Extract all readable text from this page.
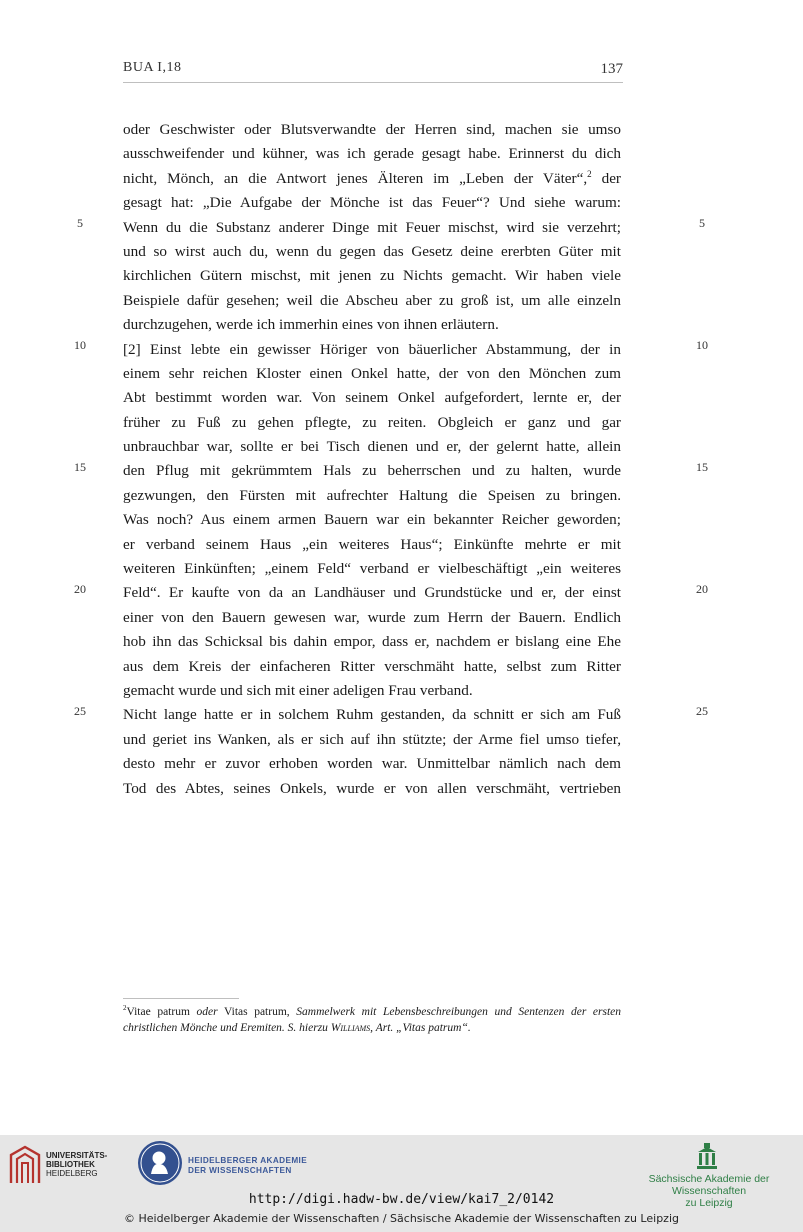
BUA I,18	137
5
10
15
20
25
5
10
15
20
25
oder Geschwister oder Blutsverwandte der Herren sind, machen sie umso
ausschweifender und kühner, was ich gerade gesagt habe. Erinnerst du dich
nicht, Mönch, an die Antwort jenes Älteren im „Leben der Väter“,$^2$ der
gesagt hat: „Die Aufgabe der Mönche ist das Feuer“? Und siehe warum:
Wenn du die Substanz anderer Dinge mit Feuer mischst, wird sie verzehrt;
und so wirst auch du, wenn du gegen das Gesetz deine ererbten Güter mit
kirchlichen Gütern mischst, mit jenen zu Nichts gemacht. Wir haben viele
Beispiele dafür gesehen; weil die Abscheu aber zu groß ist, um alle einzeln
durchzugehen, werde ich immerhin eines von ihnen erläutern.
[2] Einst lebte ein gewisser Höriger von bäuerlicher Abstammung, der in
einem sehr reichen Kloster einen Onkel hatte, der von den Mönchen zum
Abt bestimmt worden war. Von seinem Onkel aufgefordert, lernte er, der
früher zu Fuß zu gehen pflegte, zu reiten. Obgleich er ganz und gar
unbrauchbar war, sollte er bei Tisch dienen und er, der gelernt hatte, allein
den Pflug mit gekrümmtem Hals zu beherrschen und zu halten, wurde
gezwungen, den Fürsten mit aufrechter Haltung die Speisen zu bringen.
Was noch? Aus einem armen Bauern war ein bekannter Reicher geworden;
er verband seinem Haus „ein weiteres Haus“; Einkünfte mehrte er mit
weiteren Einkünften; „einem Feld“ verband er vielbeschäftigt „ein weiteres
Feld“. Er kaufte von da an Landhäuser und Grundstücke und er, der einst
einer von den Bauern gewesen war, wurde zum Herrn der Bauern. Endlich
hob ihn das Schicksal bis dahin empor, dass er, nachdem er bislang eine Ehe
aus dem Kreis der einfacheren Ritter verschmäht hatte, selbst zum Ritter
gemacht wurde und sich mit einer adeligen Frau verband.
Nicht lange hatte er in solchem Ruhm gestanden, da schnitt er sich am Fuß
und geriet ins Wanken, als er sich auf ihn stützte; der Arme fiel umso tiefer,
desto mehr er zuvor erhoben worden war. Unmittelbar nämlich nach dem
Tod des Abtes, seines Onkels, wurde er von allen verschmäht, vertrieben
$^2$Vitae patrum oder Vitas patrum, Sammelwerk mit Lebensbeschreibungen und Sentenzen der ersten christlichen Mönche und Eremiten. S. hierzu Williams, Art. „Vitas patrum“.
UNIVERSITÄTS-
BIBLIOTHEK
HEIDELBERG
HEIDELBERGER AKADEMIE
DER WISSENSCHAFTEN
Sächsische Akademie der Wissenschaften
zu Leipzig
http://digi.hadw-bw.de/view/kai7_2/0142
© Heidelberger Akademie der Wissenschaften / Sächsische Akademie der Wissenschaften zu Leipzig
